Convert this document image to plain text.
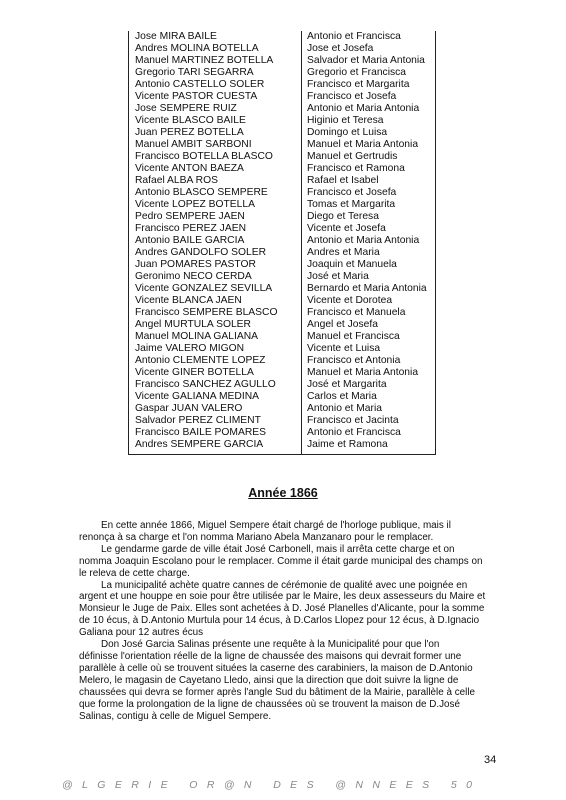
Jose MIRA BAILE	Antonio et Francisca
Andres MOLINA BOTELLA	Jose et Josefa
Manuel MARTINEZ BOTELLA	Salvador et Maria Antonia
Gregorio TARI SEGARRA	Gregorio et Francisca
Antonio CASTELLO SOLER	Francisco et Margarita
Vicente PASTOR CUESTA	Francisco et Josefa
Jose SEMPERE RUIZ	Antonio et Maria Antonia
Vicente BLASCO BAILE	Higinio et Teresa
Juan PEREZ BOTELLA	Domingo et Luisa
Manuel AMBIT SARBONI	Manuel et Maria Antonia
Francisco BOTELLA BLASCO	Manuel et Gertrudis
Vicente ANTON BAEZA	Francisco et Ramona
Rafael ALBA ROS	Rafael et Isabel
Antonio BLASCO SEMPERE	Francisco et Josefa
Vicente LOPEZ BOTELLA	Tomas et Margarita
Pedro SEMPERE JAEN	Diego et Teresa
Francisco PEREZ JAEN	Vicente et Josefa
Antonio BAILE GARCIA	Antonio et Maria Antonia
Andres GANDOLFO SOLER	Andres et Maria
Juan POMARES PASTOR	Joaquin et Manuela
Geronimo NECO CERDA	José et Maria
Vicente GONZALEZ SEVILLA	Bernardo et Maria Antonia
Vicente BLANCA JAEN	Vicente et Dorotea
Francisco SEMPERE BLASCO	Francisco et Manuela
Angel MURTULA SOLER	Angel et Josefa
Manuel MOLINA GALIANA	Manuel et Francisca
Jaime VALERO MIGON	Vicente et Luisa
Antonio CLEMENTE LOPEZ	Francisco et Antonia
Vicente GINER BOTELLA	Manuel et Maria Antonia
Francisco SANCHEZ AGULLO	José et Margarita
Vicente GALIANA MEDINA	Carlos et Maria
Gaspar JUAN VALERO	Antonio et Maria
Salvador PEREZ CLIMENT	Francisco et Jacinta
Francisco BAILE POMARES	Antonio et Francisca
Andres SEMPERE GARCIA	Jaime et Ramona
Année 1866

En cette année 1866, Miguel Sempere était chargé de l'horloge publique, mais il

renonça à sa charge et l'on nomma Mariano Abela Manzanaro pour le remplacer.

Le gendarme garde de ville était José Carbonell, mais il arrêta cette charge et on

nomma Joaquin Escolano pour le remplacer. Comme il était garde municipal des champs on

le releva de cette charge.

La municipalité achète quatre cannes de cérémonie de qualité avec une poignée en

argent et une houppe en soie pour être utilisée par le Maire, les deux assesseurs du Maire et

Monsieur le Juge de Paix. Elles sont achetées à D. José Planelles d'Alicante, pour la somme

de 10 écus, à D.Antonio Murtula pour 14 écus, à D.Carlos Llopez pour 12 écus, à D.Ignacio

Galiana pour 12 autres écus

Don José Garcia Salinas présente une requête à la Municipalité pour que l'on

définisse l'orientation réelle de la ligne de chaussée des maisons qui devrait former une

parallèle à celle où se trouvent situées la caserne des carabiniers, la maison de D.Antonio

Melero, le magasin de Cayetano Lledo, ainsi que la direction que doit suivre la ligne de

chaussées qui devra se former après l'angle Sud du bâtiment de la Mairie, parallèle à celle

que forme la prolongation de la ligne de chaussées où se trouvent la maison de D.José

Salinas, contigu à celle de Miguel Sempere.

34
@LGERIE OR@N DES @NNEES 50
